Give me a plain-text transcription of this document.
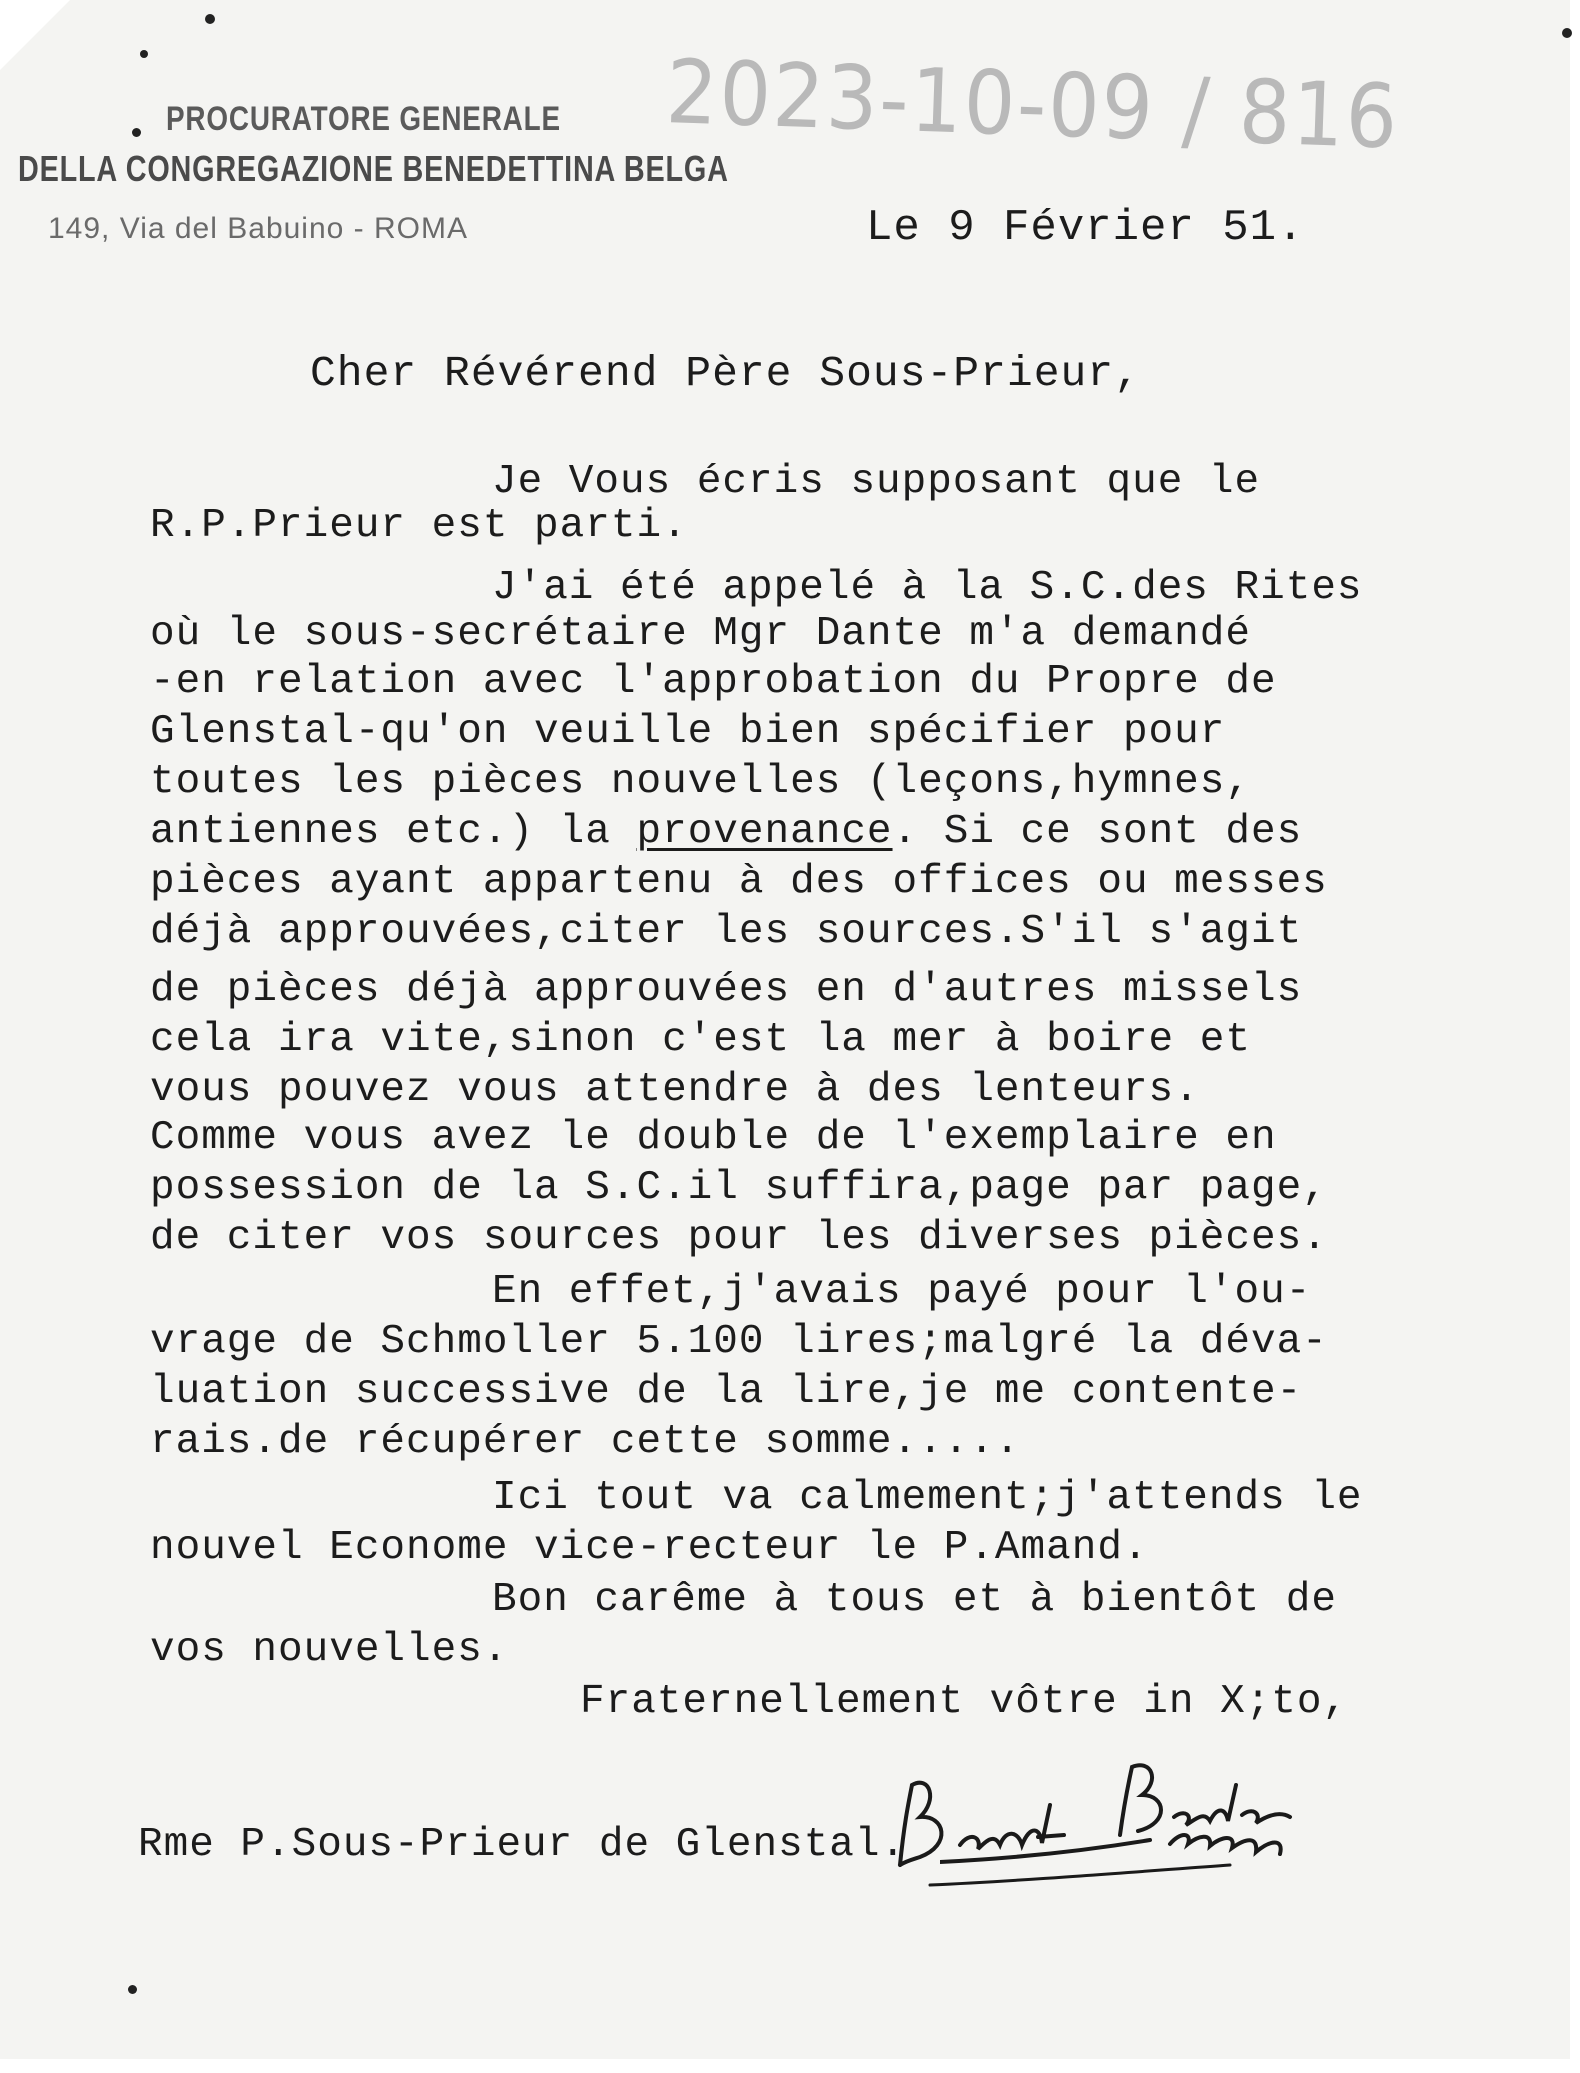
PROCURATORE GENERALE
DELLA CONGREGAZIONE BENEDETTINA BELGA
149, Via del Babuino - ROMA
2023-10-09 / 816
Le 9 Février 51.
Cher Révérend Père Sous-Prieur,
Je Vous écris supposant que le
R.P.Prieur est parti.
J'ai été appelé à la S.C.des Rites
où le sous-secrétaire Mgr Dante m'a demandé
-en relation avec l'approbation du Propre de
Glenstal-qu'on veuille bien spécifier pour
toutes les pièces nouvelles (leçons,hymnes,
antiennes etc.) la provenance. Si ce sont des
pièces ayant appartenu à des offices ou messes
déjà approuvées,citer les sources.S'il s'agit
de pièces déjà approuvées en d'autres missels
cela ira vite,sinon c'est la mer à boire et
vous pouvez vous attendre à des lenteurs.
Comme vous avez le double de l'exemplaire en
possession de la S.C.il suffira,page par page,
de citer vos sources pour les diverses pièces.
En effet,j'avais payé pour l'ou-
vrage de Schmoller 5.100 lires;malgré la déva-
luation successive de la lire,je me contente-
rais.de récupérer cette somme.....
Ici tout va calmement;j'attends le
nouvel Econome vice-recteur le P.Amand.
Bon carême à tous et à bientôt de
vos nouvelles.
Fraternellement vôtre in X;to,
Rme P.Sous-Prieur de Glenstal.
